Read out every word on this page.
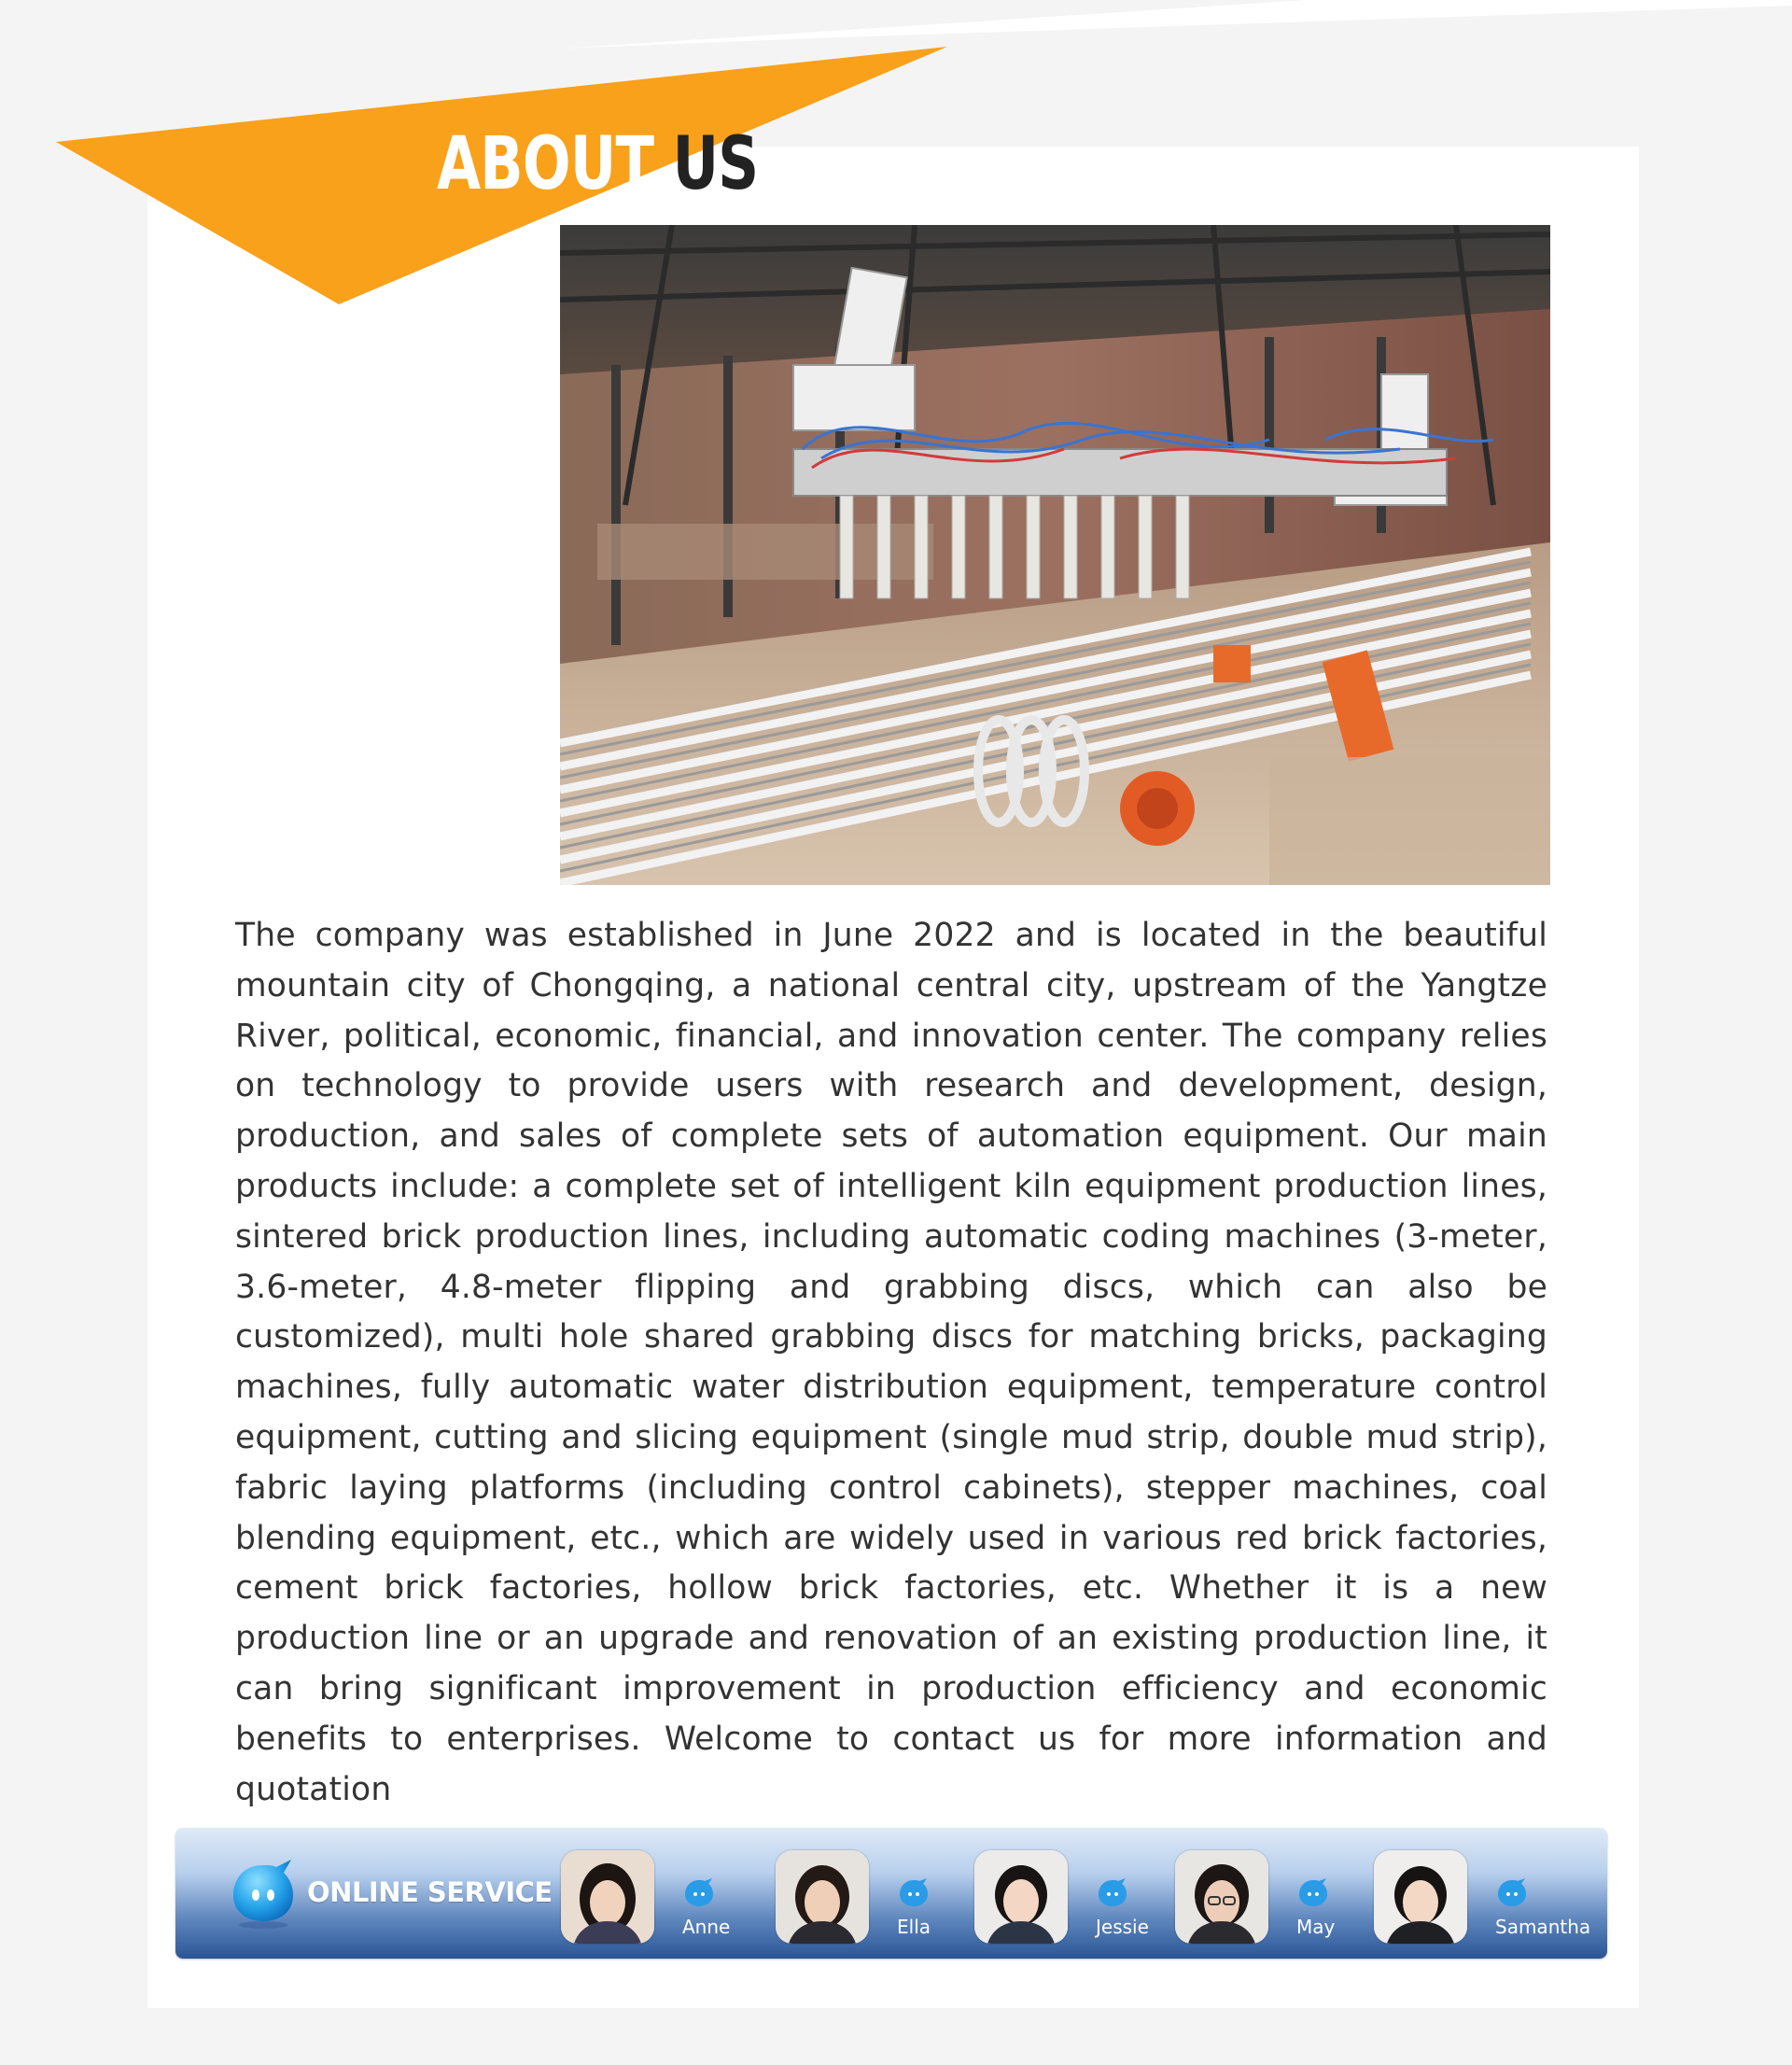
ABOUT US

The company was established in June 2022 and is located in the beautiful mountain city of Chongqing, a national central city, upstream of the Yangtze River, political, economic, financial, and innovation center. The company relies on technology to provide users with research and development, design, production, and sales of complete sets of automation equipment. Our main products include: a complete set of intelligent kiln equipment production lines, sintered brick production lines, including automatic coding machines (3-meter, 3.6-meter, 4.8-meter flipping and grabbing discs, which can also be customized), multi hole shared grabbing discs for matching bricks, packaging machines, fully automatic water distribution equipment, temperature control equipment, cutting and slicing equipment (single mud strip, double mud strip), fabric laying platforms (including control cabinets), stepper machines, coal blending equipment, etc., which are widely used in various red brick factories, cement brick factories, hollow brick factories, etc. Whether it is a new production line or an upgrade and renovation of an existing production line, it can bring significant improvement in production efficiency and economic benefits to enterprises. Welcome to contact us for more information and quotation

ONLINE SERVICE
Anne	Ella	Jessie	May	Samantha
